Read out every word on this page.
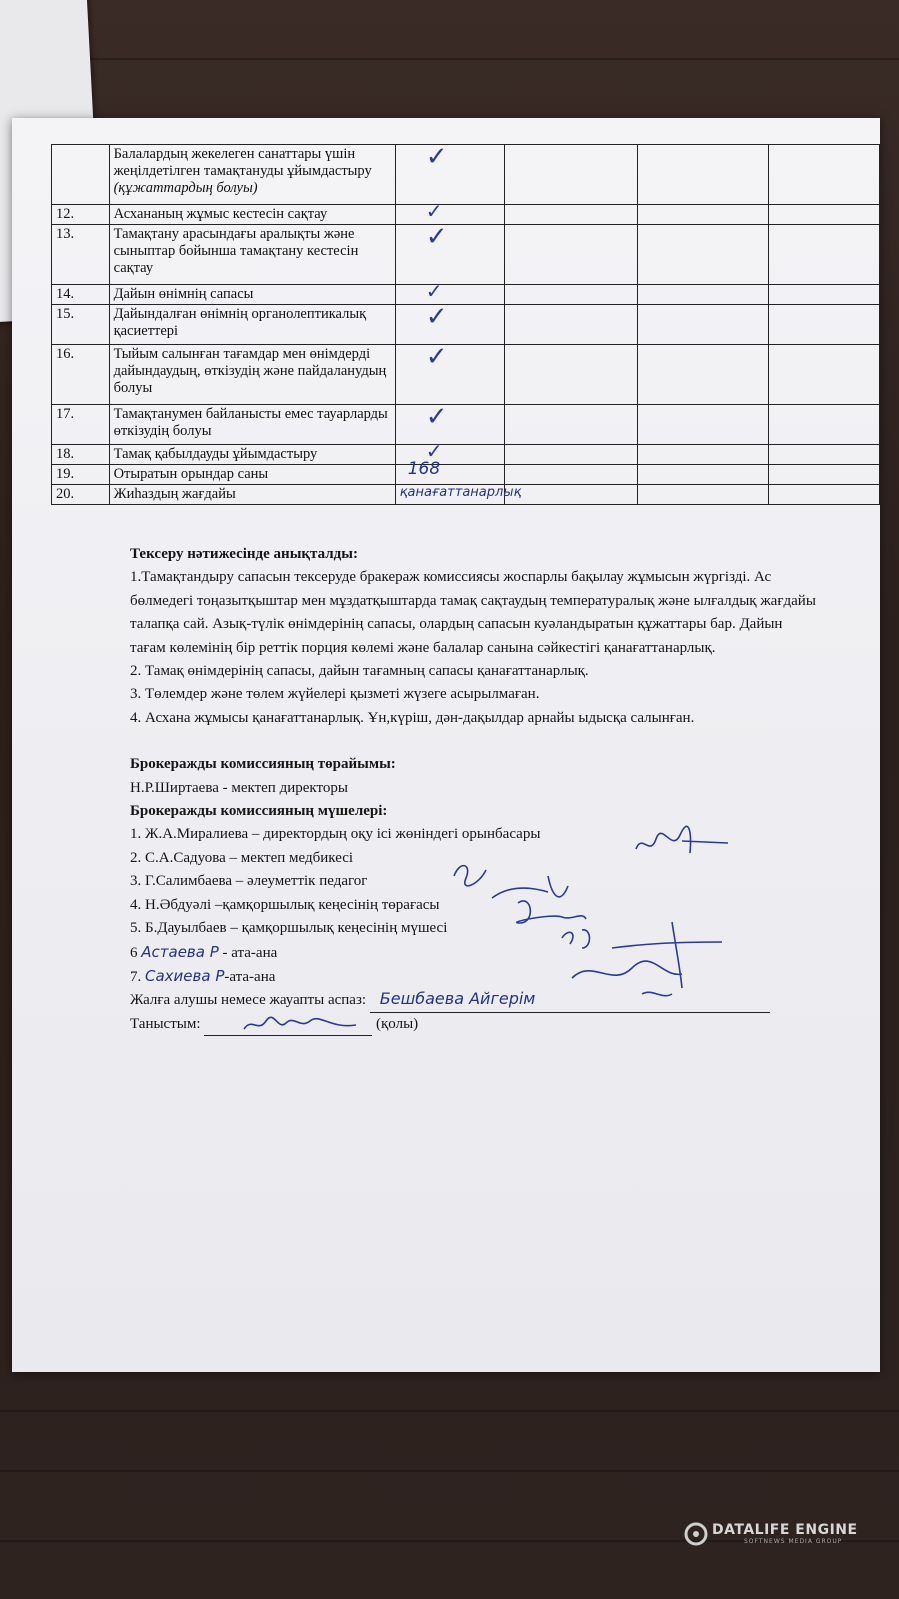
	Балалардың жекелеген санаттары үшін жеңілдетілген тамақтануды ұйымдастыру (құжаттардың болуы)	✓			

12.	Асхананың жұмыс кестесін сақтау	✓			

13.	Тамақтану арасындағы аралықты және сыныптар бойынша тамақтану кестесін сақтау	✓			

14.	Дайын өнімнің сапасы	✓			

15.	Дайындалған өнімнің органолептикалық қасиеттері	✓			

16.	Тыйым салынған тағамдар мен өнімдерді дайындаудың, өткізудің және пайдаланудың болуы	✓			

17.	Тамақтанумен байланысты емес тауарларды өткізудің болуы	✓			

18.	Тамақ қабылдауды ұйымдастыру	✓			

19.	Отыратын орындар саны	168			

20.	Жиһаздың жағдайы	қанағаттанарлық			

Тексеру нәтижесінде анықталды:

1.Тамақтандыру сапасын тексеруде бракераж комиссиясы жоспарлы бақылау жұмысын жүргізді. Ас бөлмедегі тоңазытқыштар мен мұздатқыштарда тамақ сақтаудың температуралық және ылғалдық жағдайы талапқа сай. Азық-түлік өнімдерінің сапасы, олардың сапасын куәландыратын құжаттары бар. Дайын тағам көлемінің бір реттік порция көлемі және балалар санына сәйкестігі қанағаттанарлық.

2. Тамақ өнімдерінің сапасы, дайын тағамның сапасы қанағаттанарлық.

3. Төлемдер және төлем жүйелері қызметі жүзеге асырылмаған.

4. Асхана жұмысы қанағаттанарлық. Ұн,күріш, дән-дақылдар арнайы ыдысқа салынған.

Брокеражды комиссияның төрайымы:

Н.Р.Ширтаева - мектеп директоры

Брокеражды комиссияның мүшелері:

1. Ж.А.Миралиева – директордың оқу ісі жөніндегі орынбасары

2. С.А.Садуова – мектеп медбикесі

3. Г.Салимбаева – әлеуметтік педагог

4. Н.Әбдуәлі –қамқоршылық кеңесінің төрағасы

5. Б.Дауылбаев – қамқоршылық кеңесінің мүшесі

6 Астаева Р - ата-ана

7. Сахиева Р-ата-ана

Жалға алушы немесе жауапты аспаз: Бешбаева Айгерім

Таныстым:	(қолы)

DATALIFE ENGINE
SOFTNEWS MEDIA GROUP
